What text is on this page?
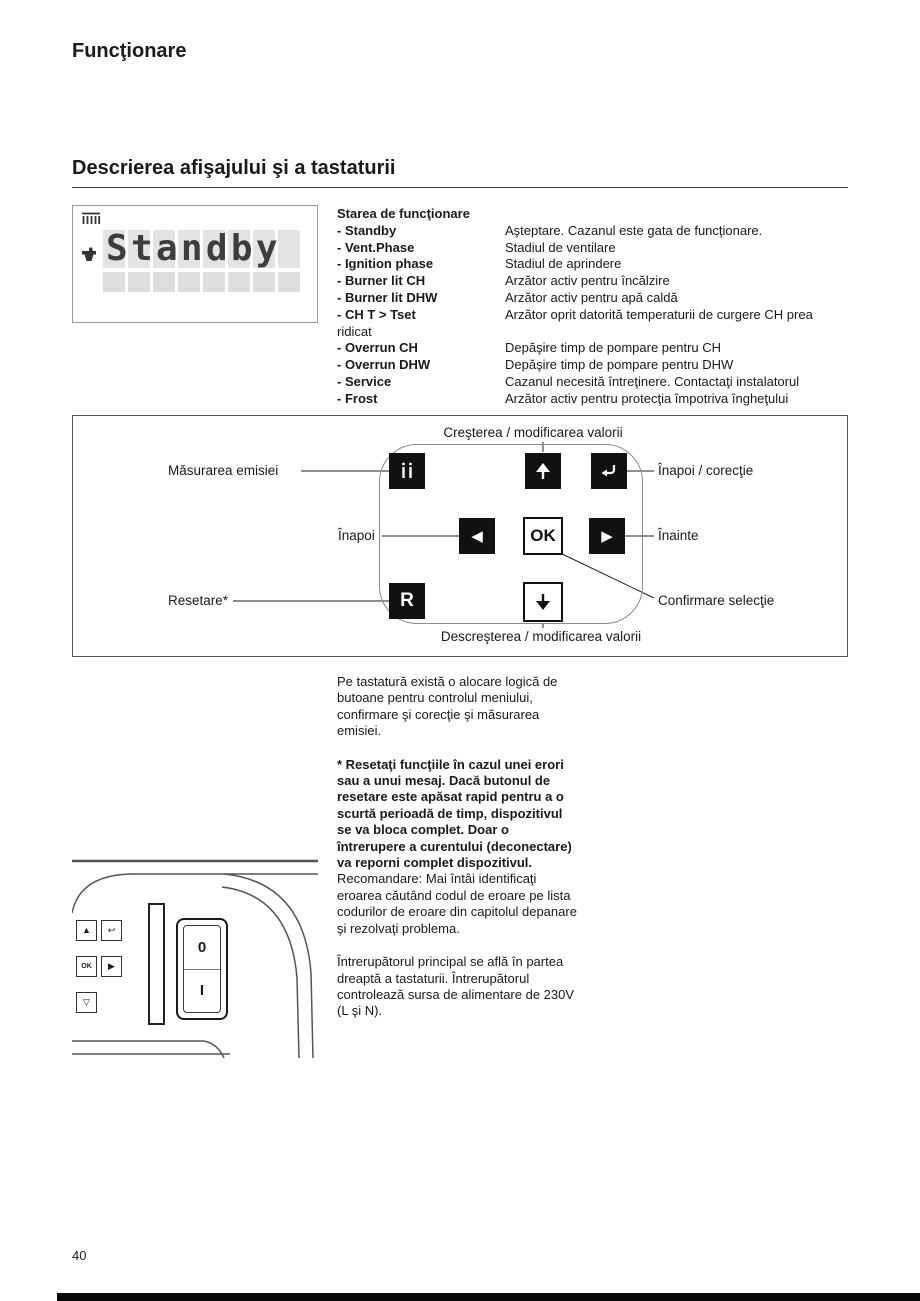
Funcţionare
Descrierea afişajului şi a tastaturii
Standby
Starea de funcţionare
- Standby	Aşteptare. Cazanul este gata de funcţionare.
- Vent.Phase	Stadiul de ventilare
- Ignition phase	Stadiul de aprindere
- Burner lit CH	Arzător activ pentru încălzire
- Burner lit DHW	Arzător activ pentru apă caldă
- CH T > Tset	Arzător oprit datorită temperaturii de curgere CH prea
ridicat
- Overrun CH	Depăşire timp de pompare pentru CH
- Overrun DHW	Depăşire timp de pompare pentru DHW
- Service	Cazanul necesită întreţinere. Contactaţi instalatorul
- Frost	Arzător activ pentru protecţia împotriva îngheţului
Creşterea / modificarea valorii
Descreşterea / modificarea valorii
Măsurarea emisiei	Înapoi / corecţie
Înapoi	Înainte
Resetare*	Confirmare selecţie
◀	OK	▶
R

Pe tastatură există o alocare logică de butoane pentru controlul meniului, confirmare şi corecţie şi măsurarea emisiei.

* Resetaţi funcţiile în cazul unei erori sau a unui mesaj. Dacă butonul de resetare este apăsat rapid pentru a o scurtă perioadă de timp, dispozitivul se va bloca complet. Doar o întrerupere a curentului (deconectare) va reporni complet dispozitivul. Recomandare: Mai întâi identificaţi eroarea căutând codul de eroare pe lista codurilor de eroare din capitolul depanare şi rezolvaţi problema.

Întrerupătorul principal se află în partea dreaptă a tastaturii. Întrerupătorul controlează sursa de alimentare de 230V (L şi N).

▲ ↩
OK ▶
▽
0
I
40
